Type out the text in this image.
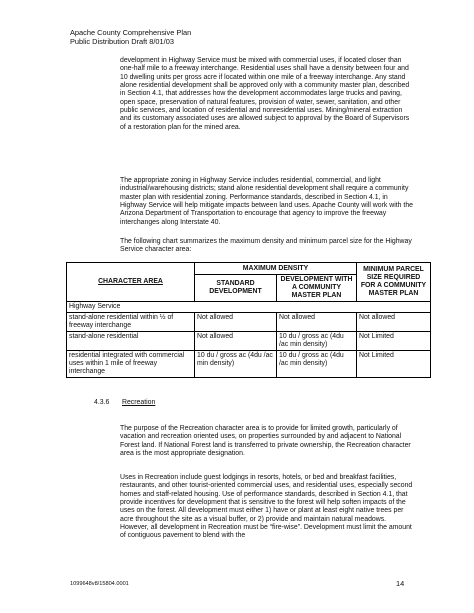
Apache County Comprehensive Plan
Public Distribution Draft 8/01/03

development in Highway Service must be mixed with commercial uses, if located closer than one-half mile to a freeway interchange. Residential uses shall have a density between four and 10 dwelling units per gross acre if located within one mile of a freeway interchange. Any stand alone residential development shall be approved only with a community master plan, described in Section 4.1, that addresses how the development accommodates large trucks and paving, open space, preservation of natural features, provision of water, sewer, sanitation, and other public services, and location of residential and nonresidential uses. Mining/mineral extraction and its customary associated uses are allowed subject to approval by the Board of Supervisors of a restoration plan for the mined area.

The appropriate zoning in Highway Service includes residential, commercial, and light industrial/warehousing districts; stand alone residential development shall require a community master plan with residential zoning. Performance standards, described in Section 4.1, in Highway Service will help mitigate impacts between land uses. Apache County will work with the Arizona Department of Transportation to encourage that agency to improve the freeway interchanges along Interstate 40.

The following chart summarizes the maximum density and minimum parcel size for the Highway Service character area:

CHARACTER AREA	MAXIMUM DENSITY		MINIMUM PARCEL SIZE REQUIRED FOR A COMMUNITY MASTER PLAN
	STANDARD DEVELOPMENT	DEVELOPMENT WITH A COMMUNITY MASTER PLAN	
Highway Service			
stand-alone residential within ½ of freeway interchange	Not allowed	Not allowed	Not allowed
stand-alone residential	Not allowed	10 du / gross ac (4du /ac min density)	Not Limited
residential integrated with commercial uses within 1 mile of freeway interchange	10 du / gross ac (4du /ac min density)	10 du / gross ac (4du /ac min density)	Not Limited
4.3.6 Recreation

The purpose of the Recreation character area is to provide for limited growth, particularly of vacation and recreation oriented uses, on properties surrounded by and adjacent to National Forest land. If National Forest land is transferred to private ownership, the Recreation character area is the most appropriate designation.

Uses in Recreation include guest lodgings in resorts, hotels, or bed and breakfast facilities, restaurants, and other tourist-oriented commercial uses, and residential uses, especially second homes and staff-related housing. Use of performance standards, described in Section 4.1, that provide incentives for development that is sensitive to the forest will help soften impacts of the uses on the forest. All development must either 1) have or plant at least eight native trees per acre throughout the site as a visual buffer, or 2) provide and maintain natural meadows. However, all development in Recreation must be “fire-wise”. Development must limit the amount of contiguous pavement to blend with the

1099648v8/15804.0001	14
